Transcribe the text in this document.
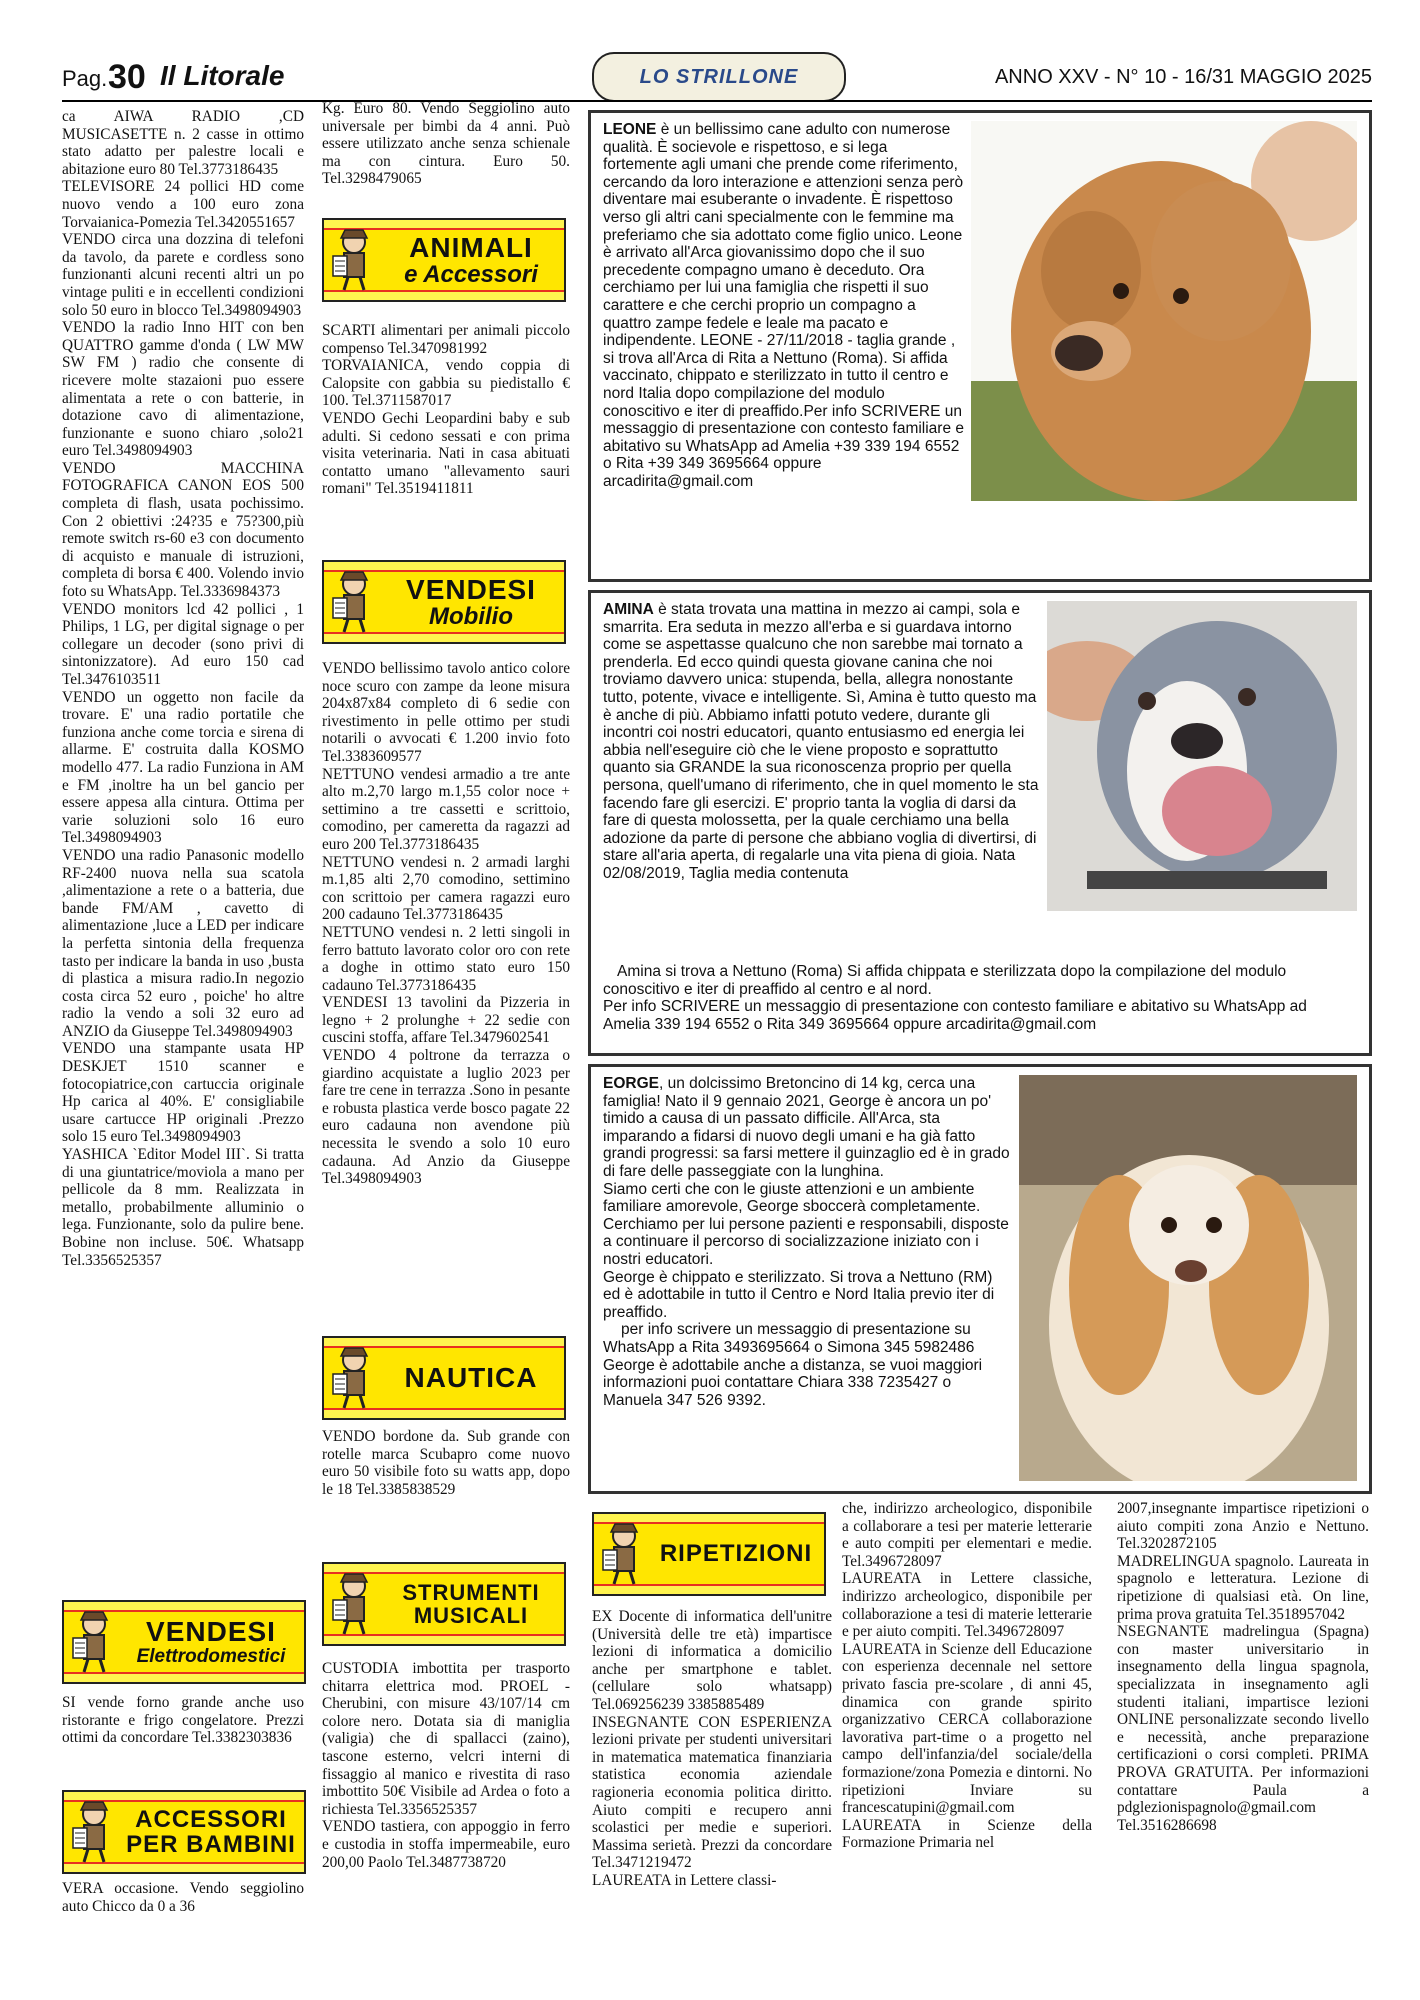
Pag. 30 Il Litorale	LO STRILLONE	ANNO XXV - N° 10 - 16/31 MAGGIO 2025

ca AIWA RADIO ,CD MUSICASETTE n. 2 casse in ottimo stato adatto per palestre locali e abitazione euro 80 Tel.3773186435

TELEVISORE 24 pollici HD come nuovo vendo a 100 euro zona Torvaianica-Pomezia Tel.3420551657

VENDO circa una dozzina di telefoni da tavolo, da parete e cordless sono funzionanti alcuni recenti altri un po vintage puliti e in eccellenti condizioni solo 50 euro in blocco Tel.3498094903

VENDO la radio Inno HIT con ben QUATTRO gamme d'onda ( LW MW SW FM ) radio che consente di ricevere molte stazaioni puo essere alimentata a rete o con batterie, in dotazione cavo di alimentazione, funzionante e suono chiaro ,solo21 euro Tel.3498094903

VENDO MACCHINA FOTOGRAFICA CANON EOS 500 completa di flash, usata pochissimo. Con 2 obiettivi :24?35 e 75?300,più remote switch rs-60 e3 con documento di acquisto e manuale di istruzioni, completa di borsa € 400. Volendo invio foto su WhatsApp. Tel.3336984373

VENDO monitors lcd 42 pollici , 1 Philips, 1 LG, per digital signage o per collegare un decoder (sono privi di sintonizzatore). Ad euro 150 cad Tel.3476103511

VENDO un oggetto non facile da trovare. E' una radio portatile che funziona anche come torcia e sirena di allarme. E' costruita dalla KOSMO modello 477. La radio Funziona in AM e FM ,inoltre ha un bel gancio per essere appesa alla cintura. Ottima per varie soluzioni solo 16 euro Tel.3498094903

VENDO una radio Panasonic modello RF-2400 nuova nella sua scatola ,alimentazione a rete o a batteria, due bande FM/AM , cavetto di alimentazione ,luce a LED per indicare la perfetta sintonia della frequenza tasto per indicare la banda in uso ,busta di plastica a misura radio.In negozio costa circa 52 euro , poiche' ho altre radio la vendo a soli 32 euro ad ANZIO da Giuseppe Tel.3498094903

VENDO una stampante usata HP DESKJET 1510 scanner e fotocopiatrice,con cartuccia originale Hp carica al 40%. E' consigliabile usare cartucce HP originali .Prezzo solo 15 euro Tel.3498094903

YASHICA `Editor Model III`. Si tratta di una giuntatrice/moviola a mano per pellicole da 8 mm. Realizzata in metallo, probabilmente alluminio o lega. Funzionante, solo da pulire bene. Bobine non incluse. 50€. Whatsapp Tel.3356525357

VENDESI
Elettrodomestici

SI vende forno grande anche uso ristorante e frigo congelatore. Prezzi ottimi da concordare Tel.3382303836

ACCESSORI
PER BAMBINI

VERA occasione. Vendo seggiolino auto Chicco da 0 a 36

Kg. Euro 80. Vendo Seggiolino auto universale per bimbi da 4 anni. Può essere utilizzato anche senza schienale ma con cintura. Euro 50. Tel.3298479065

ANIMALI
e Accessori

SCARTI alimentari per animali piccolo compenso Tel.3470981992

TORVAIANICA, vendo coppia di Calopsite con gabbia su piedistallo € 100. Tel.3711587017

VENDO Gechi Leopardini baby e sub adulti. Si cedono sessati e con prima visita veterinaria. Nati in casa abituati contatto umano "allevamento sauri romani" Tel.3519411811

VENDESI
Mobilio

VENDO bellissimo tavolo antico colore noce scuro con zampe da leone misura 204x87x84 completo di 6 sedie con rivestimento in pelle ottimo per studi notarili o avvocati € 1.200 invio foto Tel.3383609577

NETTUNO vendesi armadio a tre ante alto m.2,70 largo m.1,55 color noce + settimino a tre cassetti e scrittoio, comodino, per cameretta da ragazzi ad euro 200 Tel.3773186435

NETTUNO vendesi n. 2 armadi larghi m.1,85 alti 2,70 comodino, settimino con scrittoio per camera ragazzi euro 200 cadauno Tel.3773186435

NETTUNO vendesi n. 2 letti singoli in ferro battuto lavorato color oro con rete a doghe in ottimo stato euro 150 cadauno Tel.3773186435

VENDESI 13 tavolini da Pizzeria in legno + 2 prolunghe + 22 sedie con cuscini stoffa, affare Tel.3479602541

VENDO 4 poltrone da terrazza o giardino acquistate a luglio 2023 per fare tre cene in terrazza .Sono in pesante e robusta plastica verde bosco pagate 22 euro cadauna non avendone più necessita le svendo a solo 10 euro cadauna. Ad Anzio da Giuseppe Tel.3498094903

NAUTICA

VENDO bordone da. Sub grande con rotelle marca Scubapro come nuovo euro 50 visibile foto su watts app, dopo le 18 Tel.3385838529

STRUMENTI
MUSICALI

CUSTODIA imbottita per trasporto chitarra elettrica mod. PROEL - Cherubini, con misure 43/107/14 cm colore nero. Dotata sia di maniglia (valigia) che di spallacci (zaino), tascone esterno, velcri interni di fissaggio al manico e rivestita di raso imbottito 50€ Visibile ad Ardea o foto a richiesta Tel.3356525357

VENDO tastiera, con appoggio in ferro e custodia in stoffa impermeabile, euro 200,00 Paolo Tel.3487738720

LEONE è un bellissimo cane adulto con numerose qualità. È socievole e rispettoso, e si lega fortemente agli umani che prende come riferimento, cercando da loro interazione e attenzioni senza però diventare mai esuberante o invadente. È rispettoso verso gli altri cani specialmente con le femmine ma preferiamo che sia adottato come figlio unico. Leone è arrivato all'Arca giovanissimo dopo che il suo precedente compagno umano è deceduto. Ora cerchiamo per lui una famiglia che rispetti il suo carattere e che cerchi proprio un compagno a quattro zampe fedele e leale ma pacato e indipendente. LEONE - 27/11/2018 - taglia grande , si trova all'Arca di Rita a Nettuno (Roma). Si affida vaccinato, chippato e sterilizzato in tutto il centro e nord Italia dopo compilazione del modulo conoscitivo e iter di preaffido.Per info SCRIVERE un messaggio di presentazione con contesto familiare e abitativo su WhatsApp ad Amelia +39 339 194 6552 o Rita +39 349 3695664 oppure arcadirita@gmail.com

AMINA è stata trovata una mattina in mezzo ai campi, sola e smarrita. Era seduta in mezzo all'erba e si guardava intorno come se aspettasse qualcuno che non sarebbe mai tornato a prenderla. Ed ecco quindi questa giovane canina che noi troviamo davvero unica: stupenda, bella, allegra nonostante tutto, potente, vivace e intelligente. Sì, Amina è tutto questo ma è anche di più. Abbiamo infatti potuto vedere, durante gli incontri coi nostri educatori, quanto entusiasmo ed energia lei abbia nell'eseguire ciò che le viene proposto e soprattutto quanto sia GRANDE la sua riconoscenza proprio per quella persona, quell'umano di riferimento, che in quel momento le sta facendo fare gli esercizi. E' proprio tanta la voglia di darsi da fare di questa molossetta, per la quale cerchiamo una bella adozione da parte di persone che abbiano voglia di divertirsi, di stare all'aria aperta, di regalarle una vita piena di gioia. Nata 02/08/2019, Taglia media contenuta

Amina si trova a Nettuno (Roma) Si affida chippata e sterilizzata dopo la compilazione del modulo conoscitivo e iter di preaffido al centro e al nord.

Per info SCRIVERE un messaggio di presentazione con contesto familiare e abitativo su WhatsApp ad Amelia 339 194 6552 o Rita 349 3695664 oppure arcadirita@gmail.com

EORGE, un dolcissimo Bretoncino di 14 kg, cerca una famiglia! Nato il 9 gennaio 2021, George è ancora un po' timido a causa di un passato difficile. All'Arca, sta imparando a fidarsi di nuovo degli umani e ha già fatto grandi progressi: sa farsi mettere il guinzaglio ed è in grado di fare delle passeggiate con la lunghina.

Siamo certi che con le giuste attenzioni e un ambiente familiare amorevole, George sboccerà completamente. Cerchiamo per lui persone pazienti e responsabili, disposte a continuare il percorso di socializzazione iniziato con i nostri educatori.

George è chippato e sterilizzato. Si trova a Nettuno (RM) ed è adottabile in tutto il Centro e Nord Italia previo iter di preaffido.

per info scrivere un messaggio di presentazione su WhatsApp a Rita 3493695664 o Simona 345 5982486

George è adottabile anche a distanza, se vuoi maggiori informazioni puoi contattare Chiara 338 7235427 o Manuela 347 526 9392.

RIPETIZIONI

EX Docente di informatica dell'unitre (Università delle tre età) impartisce lezioni di informatica a domicilio anche per smartphone e tablet. (cellulare solo whatsapp) Tel.069256239 3385885489

INSEGNANTE CON ESPERIENZA lezioni private per studenti universitari in matematica matematica finanziaria statistica economia aziendale ragioneria economia politica diritto. Aiuto compiti e recupero anni scolastici per medie e superiori. Massima serietà. Prezzi da concordare Tel.3471219472

LAUREATA in Lettere classi-

che, indirizzo archeologico, disponibile a collaborare a tesi per materie letterarie e auto compiti per elementari e medie. Tel.3496728097

LAUREATA in Lettere classiche, indirizzo archeologico, disponibile per collaborazione a tesi di materie letterarie e per aiuto compiti. Tel.3496728097

LAUREATA in Scienze dell Educazione con esperienza decennale nel settore privato fascia pre-scolare , di anni 45, dinamica con grande spirito organizzativo CERCA collaborazione lavorativa part-time o a progetto nel campo dell'infanzia/del sociale/della formazione/zona Pomezia e dintorni. No ripetizioni Inviare su francescatupini@gmail.com

LAUREATA in Scienze della Formazione Primaria nel

2007,insegnante impartisce ripetizioni o aiuto compiti zona Anzio e Nettuno. Tel.3202872105

MADRELINGUA spagnolo. Laureata in spagnolo e letteratura. Lezione di ripetizione di qualsiasi età. On line, prima prova gratuita Tel.3518957042

NSEGNANTE madrelingua (Spagna) con master universitario in insegnamento della lingua spagnola, specializzata in insegnamento agli studenti italiani, impartisce lezioni ONLINE personalizzate secondo livello e necessità, anche preparazione certificazioni o corsi completi. PRIMA PROVA GRATUITA. Per informazioni contattare Paula a pdglezionispagnolo@gmail.com Tel.3516286698
